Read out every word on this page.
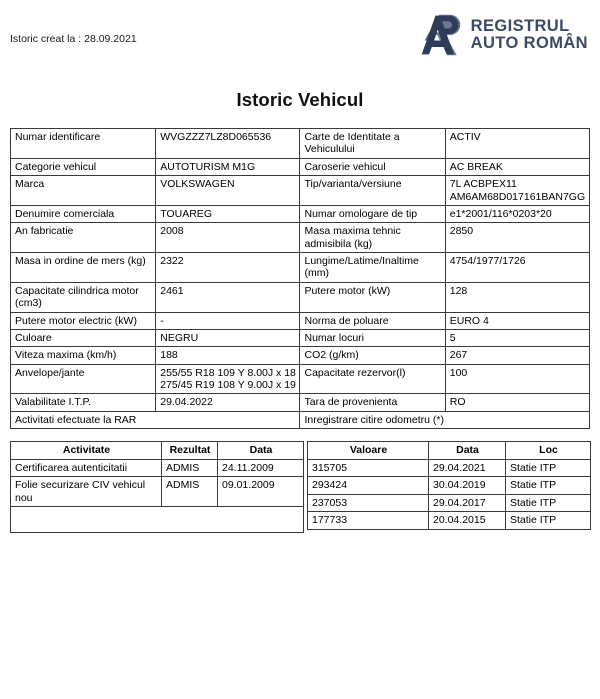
Istoric creat la : 28.09.2021
REGISTRUL
AUTO ROMÂN
Istoric Vehicul
Numar identificare	WVGZZZ7LZ8D065536	Carte de Identitate a Vehiculului	ACTIV
Categorie vehicul	AUTOTURISM M1G	Caroserie vehicul	AC BREAK
Marca	VOLKSWAGEN	Tip/varianta/versiune	7L ACBPEX11 AM6AM68D017161BAN7GG
Denumire comerciala	TOUAREG	Numar omologare de tip	e1*2001/116*0203*20
An fabricatie	2008	Masa maxima tehnic admisibila (kg)	2850
Masa in ordine de mers (kg)	2322	Lungime/Latime/Inaltime (mm)	4754/1977/1726
Capacitate cilindrica motor (cm3)	2461	Putere motor (kW)	128
Putere motor electric (kW)	-	Norma de poluare	EURO 4
Culoare	NEGRU	Numar locuri	5
Viteza maxima (km/h)	188	CO2 (g/km)	267
Anvelope/jante	255/55 R18 109 Y 8.00J x 18 275/45 R19 108 Y 9.00J x 19	Capacitate rezervor(l)	100
Valabilitate I.T.P.	29.04.2022	Tara de provenienta	RO
Activitati efectuate la RAR		Inregistrare citire odometru (*)	
Activitate	Rezultat	Data
Certificarea autenticitatii	ADMIS	24.11.2009
Folie securizare CIV vehicul nou	ADMIS	09.01.2009

Valoare	Data	Loc
315705	29.04.2021	Statie ITP
293424	30.04.2019	Statie ITP
237053	29.04.2017	Statie ITP
177733	20.04.2015	Statie ITP
